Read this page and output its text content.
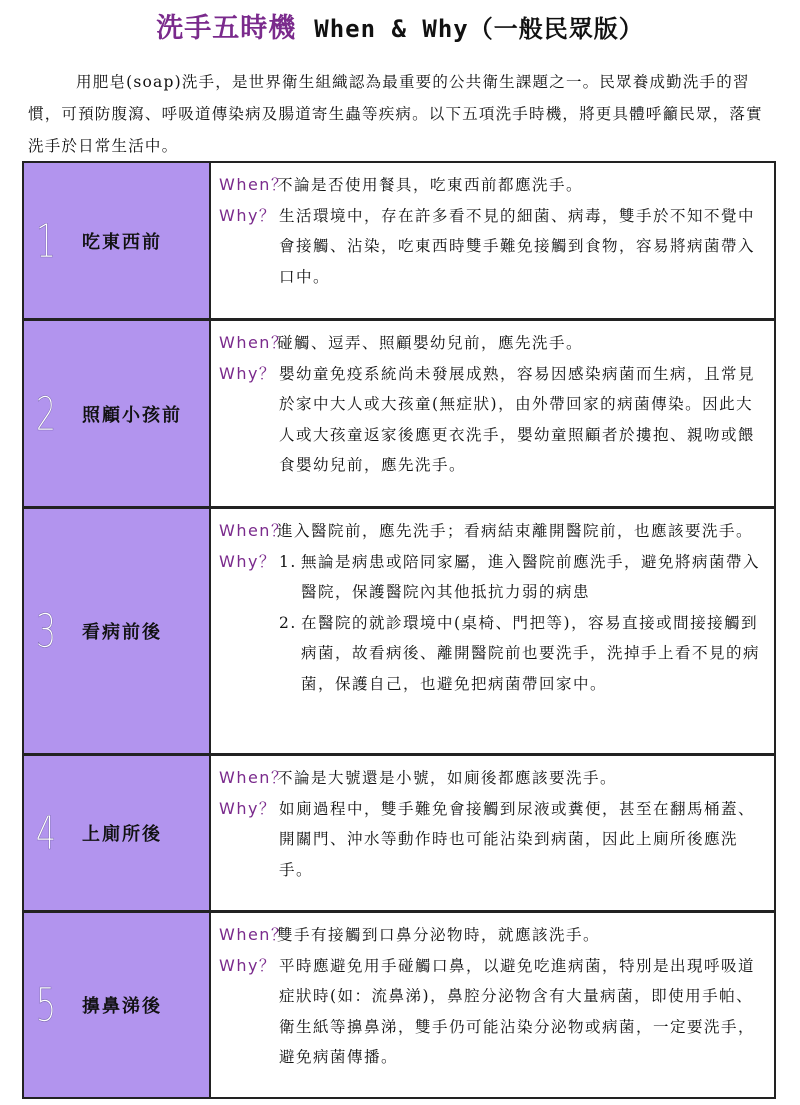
洗手五時機 When & Why（一般民眾版）

用肥皂(soap)洗手，是世界衛生組織認為最重要的公共衛生課題之一。民眾養成勤洗手的習慣，可預防腹瀉、呼吸道傳染病及腸道寄生蟲等疾病。以下五項洗手時機，將更具體呼籲民眾，落實洗手於日常生活中。

1 吃東西前
When？
不論是否使用餐具，吃東西前都應洗手。
Why？ 生活環境中，存在許多看不見的細菌、病毒，雙手於不知不覺中會接觸、沾染，吃東西時雙手難免接觸到食物，容易將病菌帶入口中。
2 照顧小孩前
When？
碰觸、逗弄、照顧嬰幼兒前，應先洗手。
Why？ 嬰幼童免疫系統尚未發展成熟，容易因感染病菌而生病，且常見於家中大人或大孩童(無症狀)，由外帶回家的病菌傳染。因此大人或大孩童返家後應更衣洗手，嬰幼童照顧者於摟抱、親吻或餵食嬰幼兒前，應先洗手。
3 看病前後
When？
進入醫院前，應先洗手；看病結束離開醫院前，也應該要洗手。
Why？ 1. 無論是病患或陪同家屬，進入醫院前應洗手，避免將病菌帶入醫院，保護醫院內其他抵抗力弱的病患
2. 在醫院的就診環境中(桌椅、門把等)，容易直接或間接接觸到病菌，故看病後、離開醫院前也要洗手，洗掉手上看不見的病菌，保護自己，也避免把病菌帶回家中。
4 上廁所後
When？
不論是大號還是小號，如廁後都應該要洗手。
Why？ 如廁過程中，雙手難免會接觸到尿液或糞便，甚至在翻馬桶蓋、開關門、沖水等動作時也可能沾染到病菌，因此上廁所後應洗手。
5 擤鼻涕後
When？
雙手有接觸到口鼻分泌物時，就應該洗手。
Why？ 平時應避免用手碰觸口鼻，以避免吃進病菌，特別是出現呼吸道症狀時(如：流鼻涕)，鼻腔分泌物含有大量病菌，即使用手帕、衛生紙等擤鼻涕，雙手仍可能沾染分泌物或病菌，一定要洗手，避免病菌傳播。
